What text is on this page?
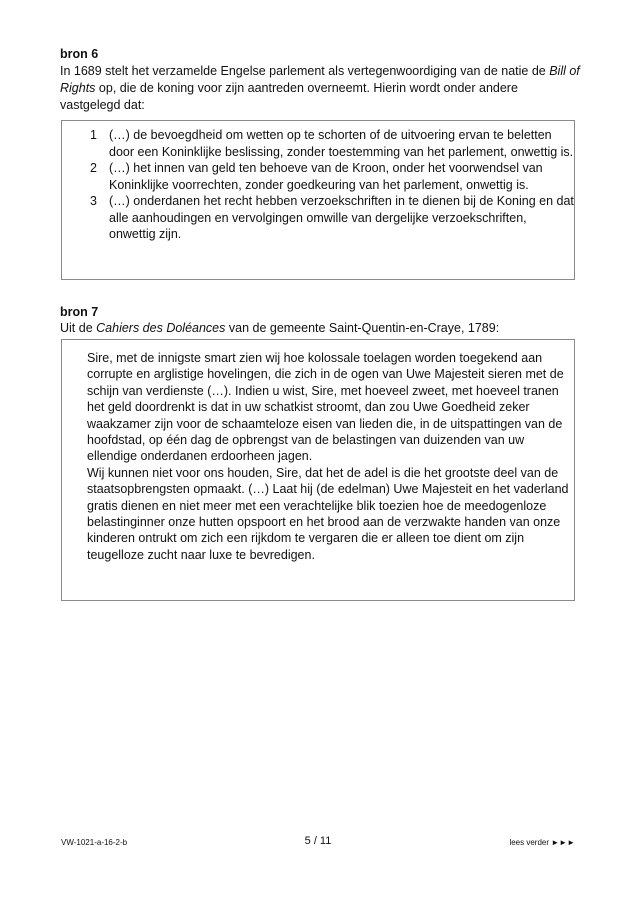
bron 6
In 1689 stelt het verzamelde Engelse parlement als vertegenwoordiging van de natie de Bill of Rights op, die de koning voor zijn aantreden overneemt. Hierin wordt onder andere vastgelegd dat:
1 (…) de bevoegdheid om wetten op te schorten of de uitvoering ervan te beletten door een Koninklijke beslissing, zonder toestemming van het parlement, onwettig is.
2 (…) het innen van geld ten behoeve van de Kroon, onder het voorwendsel van Koninklijke voorrechten, zonder goedkeuring van het parlement, onwettig is.
3 (…) onderdanen het recht hebben verzoekschriften in te dienen bij de Koning en dat alle aanhoudingen en vervolgingen omwille van dergelijke verzoekschriften, onwettig zijn.
bron 7
Uit de Cahiers des Doléances van de gemeente Saint-Quentin-en-Craye, 1789:

Sire, met de innigste smart zien wij hoe kolossale toelagen worden toegekend aan corrupte en arglistige hovelingen, die zich in de ogen van Uwe Majesteit sieren met de schijn van verdienste (…). Indien u wist, Sire, met hoeveel zweet, met hoeveel tranen het geld doordrenkt is dat in uw schatkist stroomt, dan zou Uwe Goedheid zeker waakzamer zijn voor de schaamteloze eisen van lieden die, in de uitspattingen van de hoofdstad, op één dag de opbrengst van de belastingen van duizenden van uw ellendige onderdanen erdoorheen jagen.

Wij kunnen niet voor ons houden, Sire, dat het de adel is die het grootste deel van de staatsopbrengsten opmaakt. (…) Laat hij (de edelman) Uwe Majesteit en het vaderland gratis dienen en niet meer met een verachtelijke blik toezien hoe de meedogenloze belastinginner onze hutten opspoort en het brood aan de verzwakte handen van onze kinderen ontrukt om zich een rijkdom te vergaren die er alleen toe dient om zijn teugelloze zucht naar luxe te bevredigen.

VW-1021-a-16-2-b	5 / 11	lees verder ►►►
